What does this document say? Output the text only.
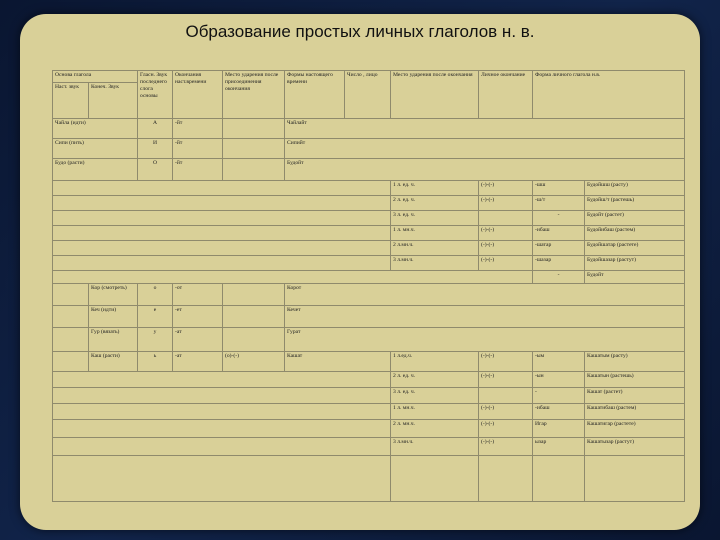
Образование простых личных глаголов н. в.
Основа глагола		Гласн. Звук последнего слога основы	Окончания наст.времени	Место ударения после присоединения окончания	Формы настоящего времени	Число , лицо	Место ударения после окончания	Личное окончание	Форма личного глагола н.в.	
Наст. звук	Конеч. Звук									
Чайла (идти)		А	-йт		Чайлайт					
Сипи (пить)		И	-йт		Сипийт					
Будо (расти)		О	-йт		Будойт					
							1 л. ед. ч.	(-)-(-)	-шш	Будойшш (расту)
							2 л. ед. ч.	(-)-(-)	-ш/т	Будойш/т (растешь)
							3 л. ед. ч.		-	Будойт (растет)
							1 л. мн.ч.	(-)-(-)	-ибаш	Будойибаш (растем)
							2 л.мн.ч.	(-)-(-)	-шатар	Будойшатар (растете)
							3 л.мн.ч.	(-)-(-)	-шазар	Будойшазар (растут)
									-	Будойт
	Кор (смотреть)	о	-от		Корот					
	Кеч (идти)	е	-ет		Кечет					
	Гур (вязать)	у	-ат		Гурат					
	Каш (расти)	ь	-ат	(о)-(-)	Кашат		1 л.ед.ч.	(-)-(-)	-ым	Кашатым (расту)
							2 л. ед. ч.	(-)-(-)	-ын	Кашатын (растешь)
							3 л. ед. ч.		-	Кашат (растет)
							1 л. мн.ч.	(-)-(-)	-ибаш	Кашатибаш (растем)
							2 л. мн.ч.	(-)-(-)	Игар	Кашатигар (растете)
							3 л.мн.ч.	(-)-(-)	ызар	Кашатызар (растут)
